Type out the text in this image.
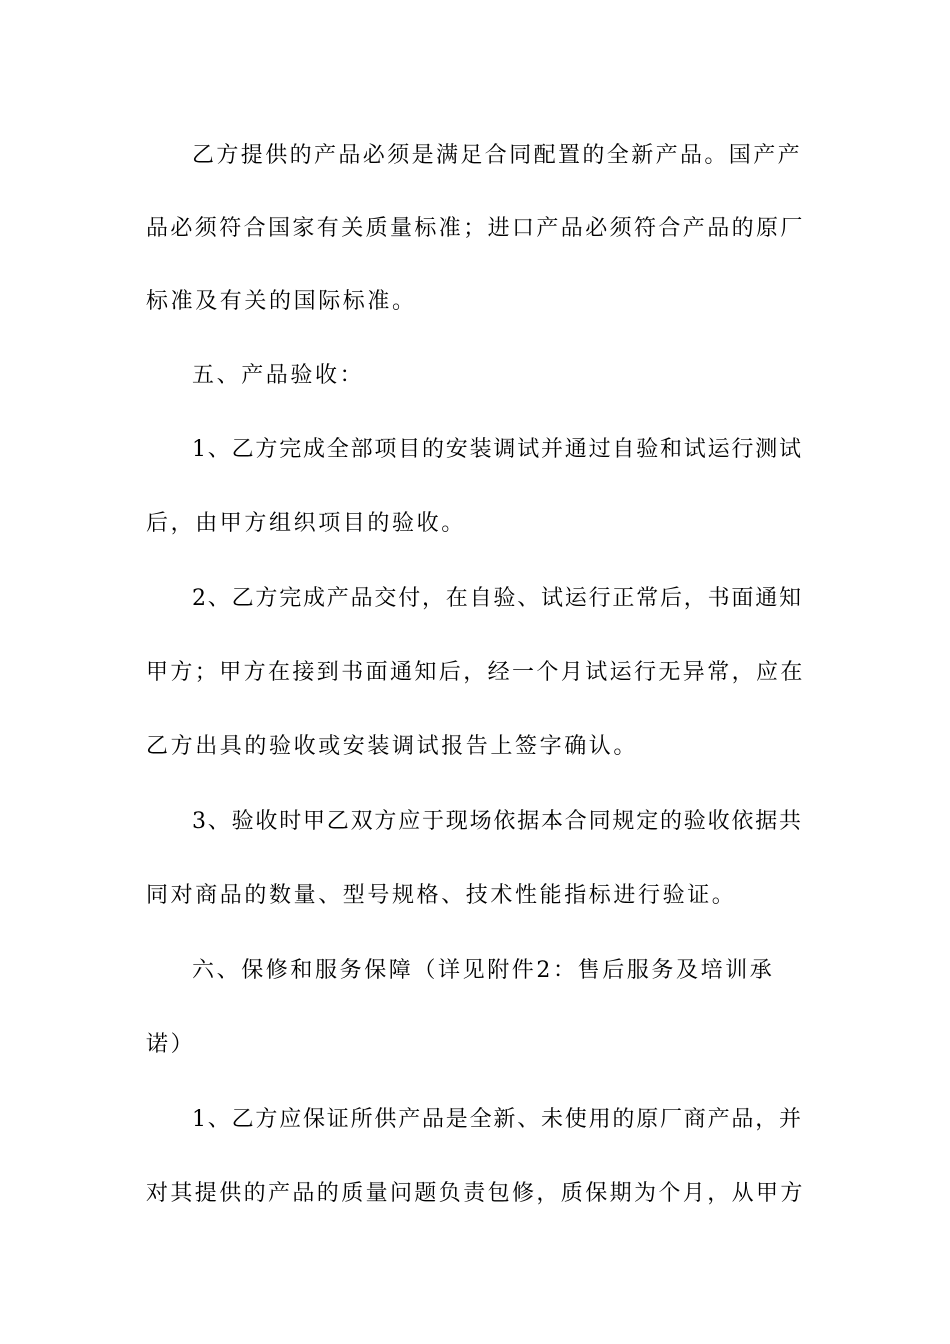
乙方提供的产品必须是满足合同配置的全新产品。国产产
品必须符合国家有关质量标准；进口产品必须符合产品的原厂
标准及有关的国际标准。
五、产品验收：
1、乙方完成全部项目的安装调试并通过自验和试运行测试
后，由甲方组织项目的验收。
2、乙方完成产品交付，在自验、试运行正常后，书面通知
甲方；甲方在接到书面通知后，经一个月试运行无异常，应在
乙方出具的验收或安装调试报告上签字确认。
3、验收时甲乙双方应于现场依据本合同规定的验收依据共
同对商品的数量、型号规格、技术性能指标进行验证。
六、保修和服务保障（详见附件2：售后服务及培训承
诺）
1、乙方应保证所供产品是全新、未使用的原厂商产品，并
对其提供的产品的质量问题负责包修，质保期为个月，从甲方
